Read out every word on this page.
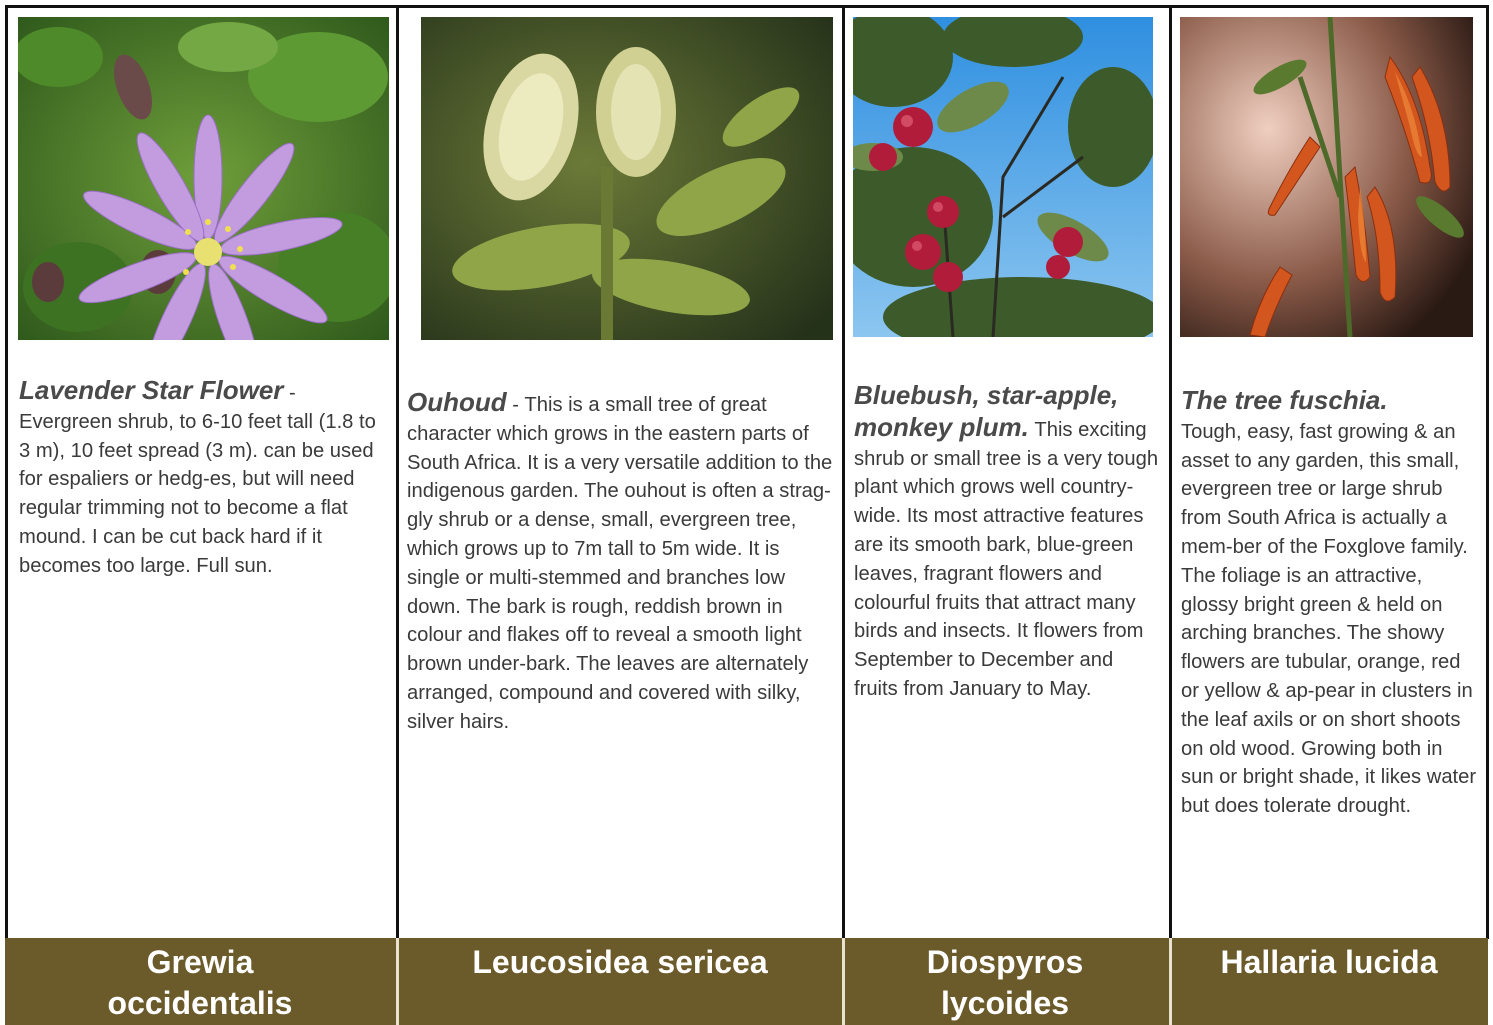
Lavender Star Flower -
Evergreen shrub, to 6-10 feet tall (1.8 to 3 m), 10 feet spread (3 m). can be used for espaliers or hedg-es, but will need regular trimming not to become a flat mound. I can be cut back hard if it becomes too large. Full sun.
Ouhoud - This is a small tree of great character which grows in the eastern parts of South Africa. It is a very versatile addition to the indigenous garden. The ouhout is often a strag-gly shrub or a dense, small, evergreen tree, which grows up to 7m tall to 5m wide. It is single or multi-stemmed and branches low down. The bark is rough, reddish brown in colour and flakes off to reveal a smooth light brown under-bark. The leaves are alternately arranged, compound and covered with silky, silver hairs.
Bluebush, star-apple, monkey plum. This exciting shrub or small tree is a very tough plant which grows well country-wide. Its most attractive features are its smooth bark, blue-green leaves, fragrant flowers and colourful fruits that attract many birds and insects. It flowers from September to December and fruits from January to May.
The tree fuschia.
Tough, easy, fast growing & an asset to any garden, this small, evergreen tree or large shrub from South Africa is actually a mem-ber of the Foxglove family. The foliage is an attractive, glossy bright green & held on arching branches. The showy flowers are tubular, orange, red or yellow & ap-pear in clusters in the leaf axils or on short shoots on old wood. Growing both in sun or bright shade, it likes water but does tolerate drought.
Grewia occidentalis
Leucosidea sericea	Diospyros lycoides
Hallaria lucida
